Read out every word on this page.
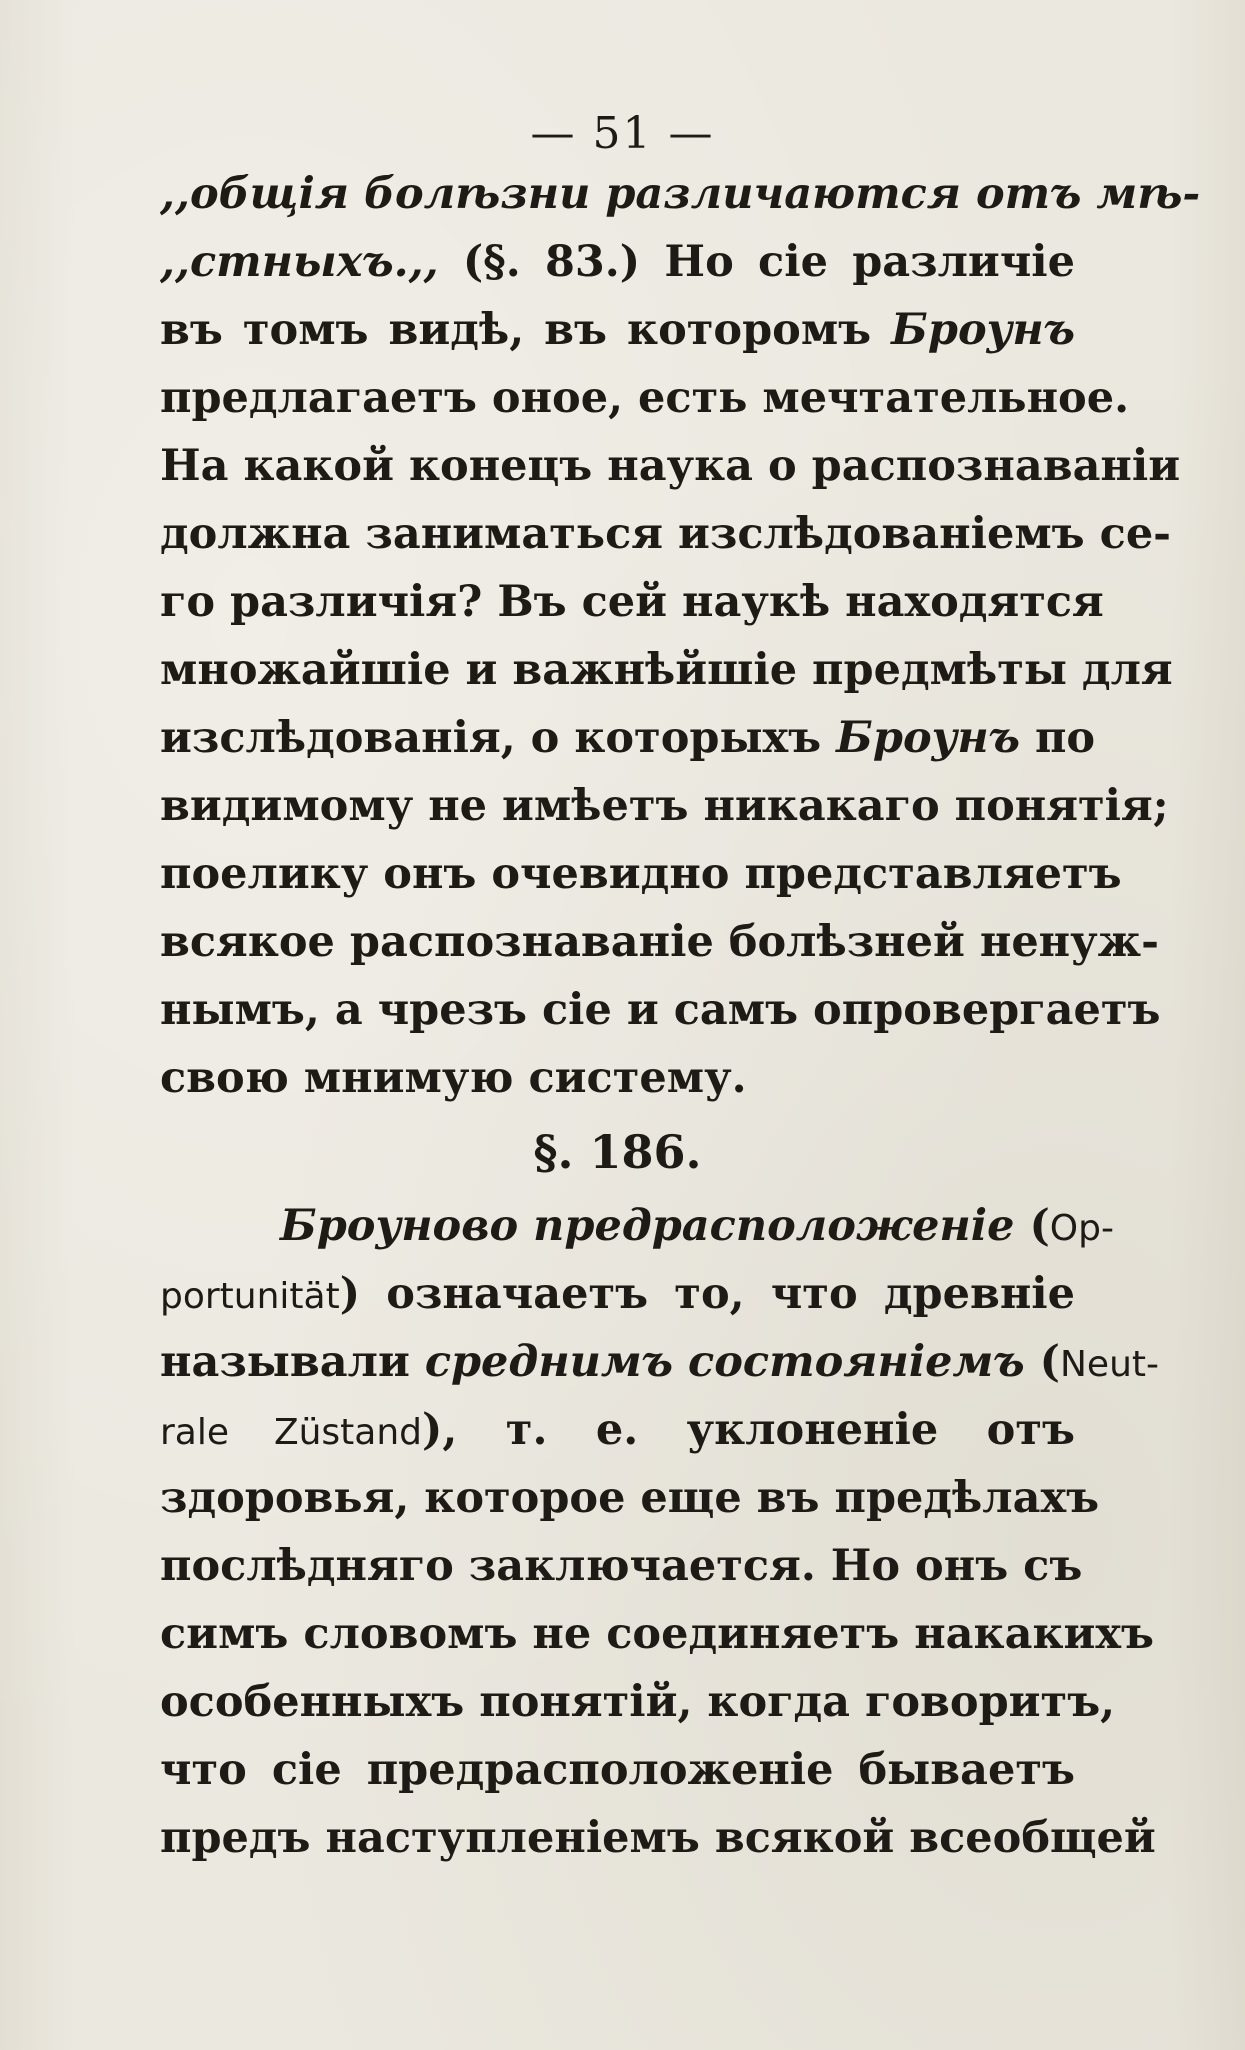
— 51 —
,,общія болѣзни различаются отъ мѣ-
,,стныхъ.,, (§. 83.) Но сіе различіе
въ томъ видѣ, въ которомъ Броунъ
предлагаетъ оное, есть мечтательное.
На какой конецъ наука о распознаваніи
должна заниматься изслѣдованіемъ се-
го различія? Въ сей наукѣ находятся
множайшіе и важнѣйшіе предмѣты для
изслѣдованія, о которыхъ Броунъ по
видимому не имѣетъ никакаго понятія;
поелику онъ очевидно представляетъ
всякое распознаваніе болѣзней ненуж-
нымъ, а чрезъ сіе и самъ опровергаетъ
свою мнимую систему.
§. 186.
Броуново предрасположеніе (Op-
portunität) означаетъ то, что древніе
называли среднимъ состояніемъ (Neut-
rale Züstand), т. е. уклоненіе отъ
здоровья, которое еще въ предѣлахъ
послѣдняго заключается. Но онъ съ
симъ словомъ не соединяетъ накакихъ
особенныхъ понятій, когда говоритъ,
что сіе предрасположеніе бываетъ
предъ наступленіемъ всякой всеобщей
